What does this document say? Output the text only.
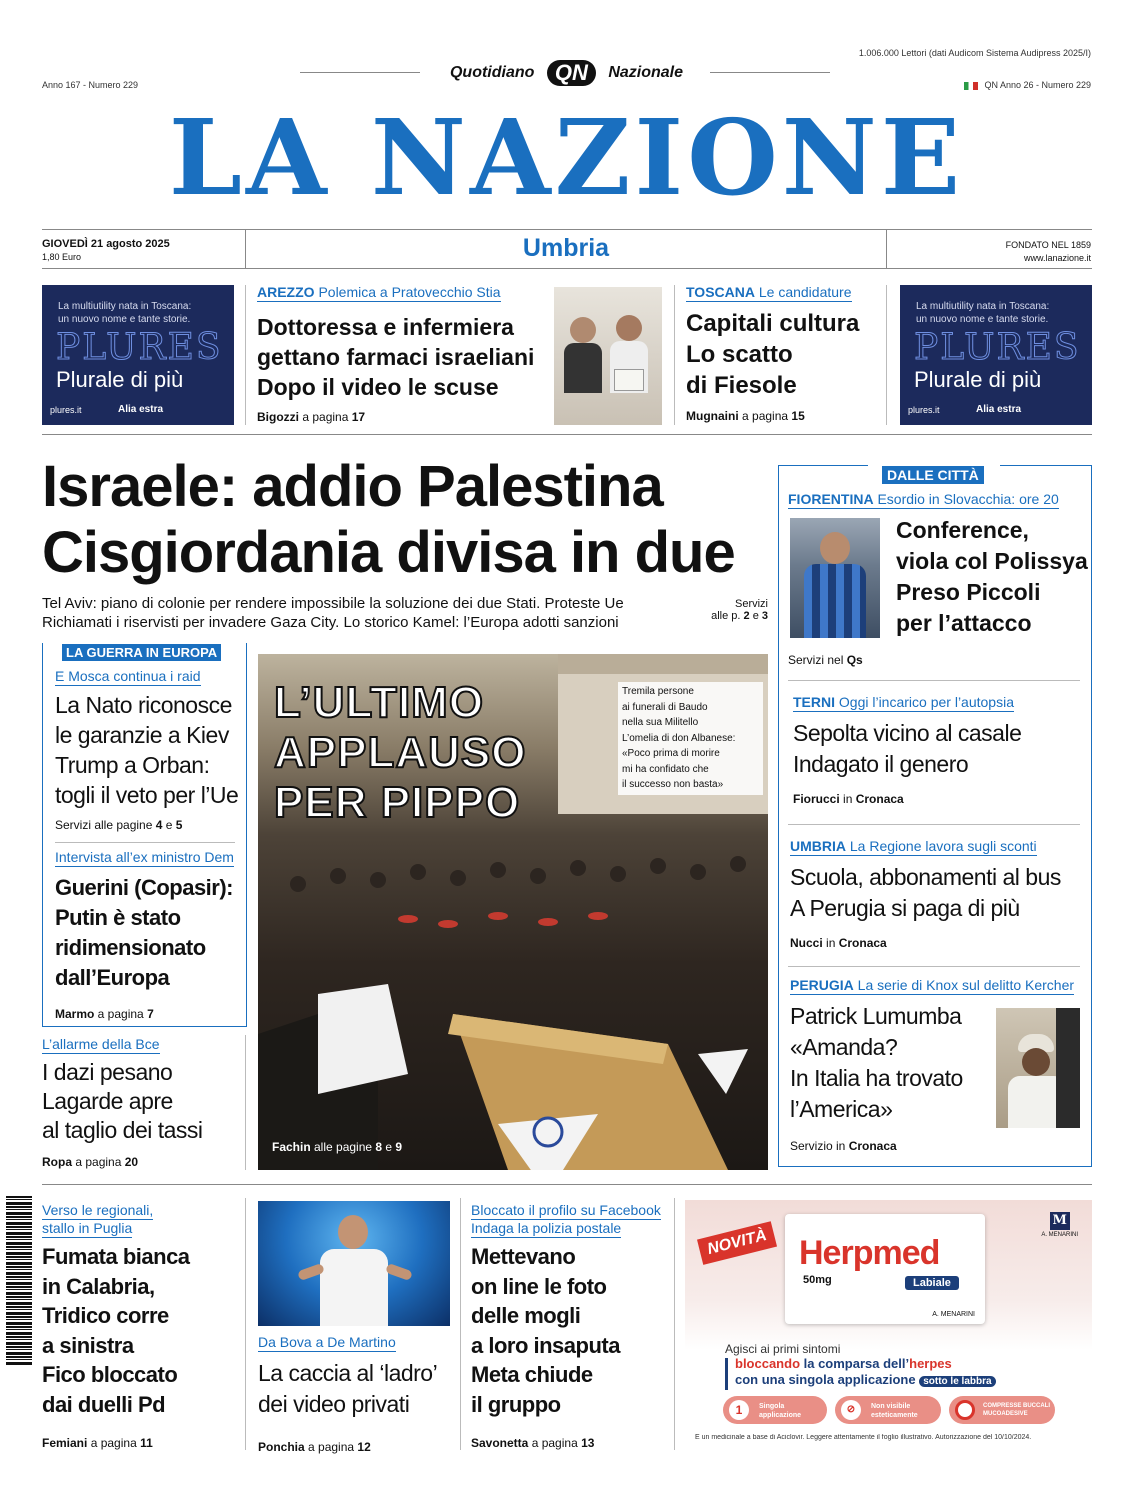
1.006.000 Lettori (dati Audicom Sistema Audipress 2025/I)
Anno 167 - Numero 229	QN Anno 26 - Numero 229
Quotidiano QN Nazionale
LA NAZIONE
GIOVEDÌ 21 agosto 2025
1,80 Euro	Umbria	FONDATO NEL 1859
www.lanazione.it
La multiutility nata in Toscana:
un nuovo nome e tante storie.
PLURES
Plurale di più
plures.it	Alia estra
La multiutility nata in Toscana:
un nuovo nome e tante storie.
PLURES
Plurale di più
plures.it	Alia estra
AREZZO Polemica a Pratovecchio Stia
Dottoressa e infermiera
gettano farmaci israeliani
Dopo il video le scuse
Bigozzi a pagina 17
TOSCANA Le candidature
Capitali cultura
Lo scatto
di Fiesole
Mugnaini a pagina 15
Israele: addio Palestina
Cisgiordania divisa in due
Tel Aviv: piano di colonie per rendere impossibile la soluzione dei due Stati. Proteste Ue
Richiamati i riservisti per invadere Gaza City. Lo storico Kamel: l’Europa adotti sanzioni
Servizi
alle p. 2 e 3
LA GUERRA IN EUROPA
E Mosca continua i raid
La Nato riconosce
le garanzie a Kiev
Trump a Orban:
togli il veto per l’Ue
Servizi alle pagine 4 e 5
Intervista all’ex ministro Dem
Guerini (Copasir):
Putin è stato
ridimensionato
dall’Europa
Marmo a pagina 7
L’allarme della Bce
I dazi pesano
Lagarde apre
al taglio dei tassi
Ropa a pagina 20
L’ULTIMO
APPLAUSO
PER PIPPO
Tremila persone
ai funerali di Baudo
nella sua Militello
L’omelia di don Albanese:
«Poco prima di morire
mi ha confidato che
il successo non basta»
Fachin alle pagine 8 e 9
DALLE CITTÀ
FIORENTINA Esordio in Slovacchia: ore 20
Conference,
viola col Polissya
Preso Piccoli
per l’attacco
Servizi nel Qs
TERNI Oggi l’incarico per l’autopsia
Sepolta vicino al casale
Indagato il genero
Fiorucci in Cronaca
UMBRIA La Regione lavora sugli sconti
Scuola, abbonamenti al bus
A Perugia si paga di più
Nucci in Cronaca
PERUGIA La serie di Knox sul delitto Kercher
Patrick Lumumba
«Amanda?
In Italia ha trovato
l’America»
Servizio in Cronaca
Verso le regionali,
stallo in Puglia
Fumata bianca
in Calabria,
Tridico corre
a sinistra
Fico bloccato
dai duelli Pd
Femiani a pagina 11
Da Bova a De Martino
La caccia al ‘ladro’
dei video privati
Ponchia a pagina 12
Bloccato il profilo su Facebook
Indaga la polizia postale
Mettevano
on line le foto
delle mogli
a loro insaputa
Meta chiude
il gruppo
Savonetta a pagina 13
NOVITÀ Herpmed
50mg	Labiale
A. MENARINI
M
A. MENARINI
Agisci ai primi sintomi
bloccando la comparsa dell’herpes
con una singola applicazione sotto le labbra
1	Singola applicazione
⊘	Non visibile esteticamente
COMPRESSE BUCCALI MUCOADESIVE
È un medicinale a base di Aciclovir. Leggere attentamente il foglio illustrativo. Autorizzazione del 10/10/2024.
